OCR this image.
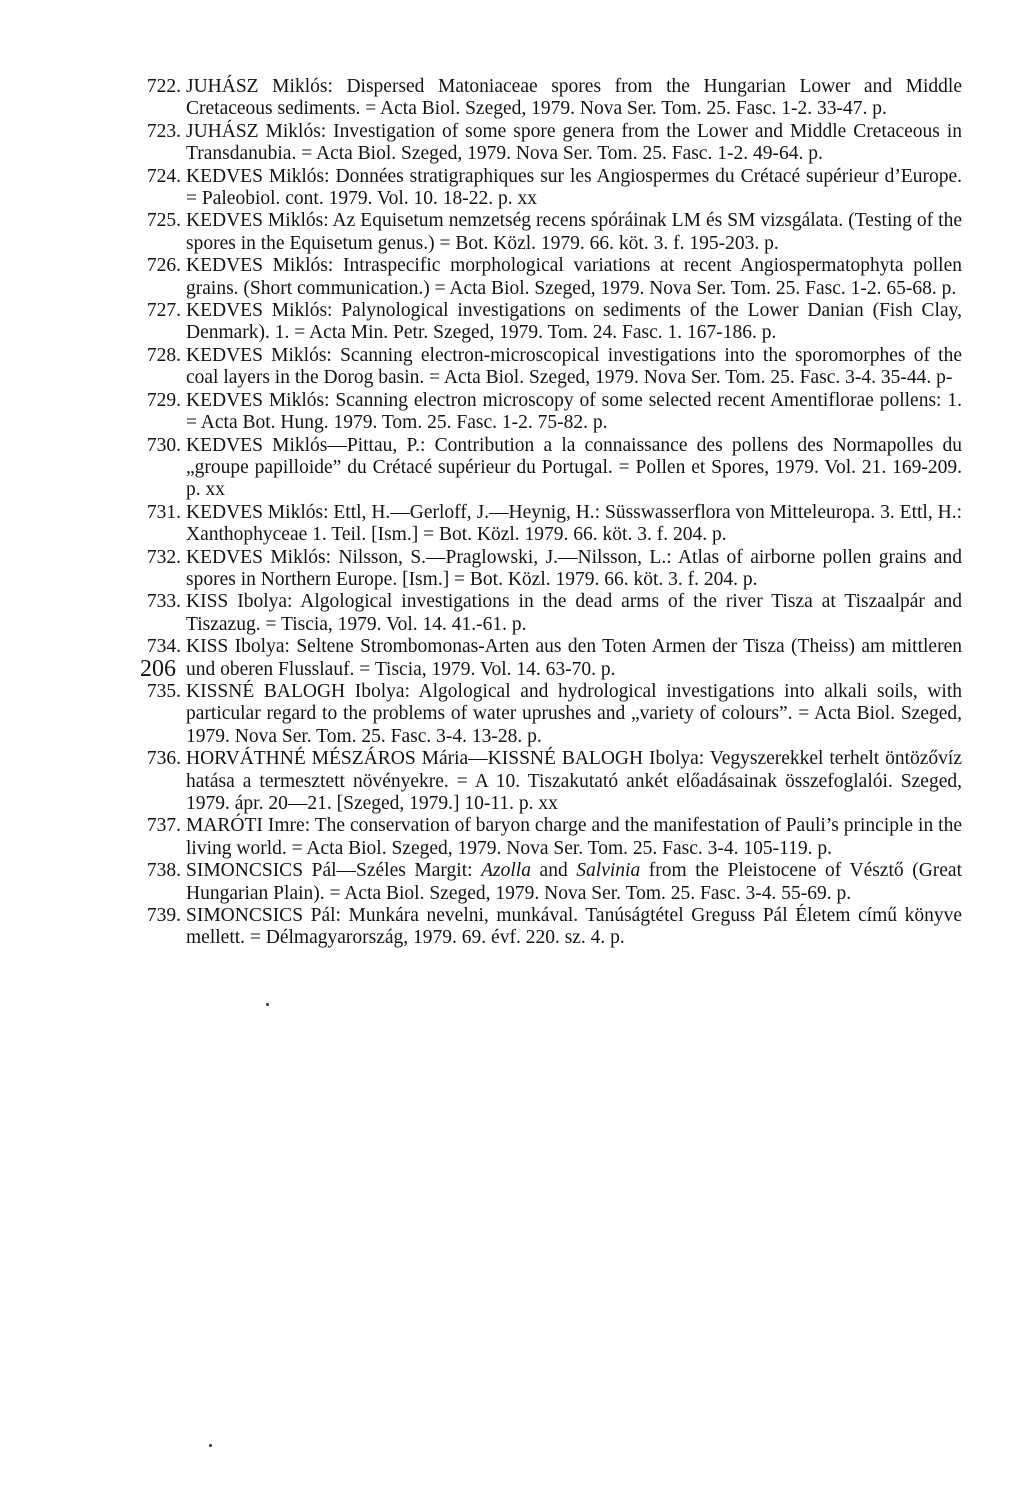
722. JUHÁSZ Miklós: Dispersed Matoniaceae spores from the Hungarian Lower and Middle Cretaceous sediments. = Acta Biol. Szeged, 1979. Nova Ser. Tom. 25. Fasc. 1-2. 33-47. p.
723. JUHÁSZ Miklós: Investigation of some spore genera from the Lower and Middle Cretaceous in Transdanubia. = Acta Biol. Szeged, 1979. Nova Ser. Tom. 25. Fasc. 1-2. 49-64. p.
724. KEDVES Miklós: Données stratigraphiques sur les Angiospermes du Crétacé supérieur d’Europe. = Paleobiol. cont. 1979. Vol. 10. 18-22. p. xx
725. KEDVES Miklós: Az Equisetum nemzetség recens spóráinak LM és SM vizsgálata. (Testing of the spores in the Equisetum genus.) = Bot. Közl. 1979. 66. köt. 3. f. 195-203. p.
726. KEDVES Miklós: Intraspecific morphological variations at recent Angiospermatophyta pollen grains. (Short communication.) = Acta Biol. Szeged, 1979. Nova Ser. Tom. 25. Fasc. 1-2. 65-68. p.
727. KEDVES Miklós: Palynological investigations on sediments of the Lower Danian (Fish Clay, Denmark). 1. = Acta Min. Petr. Szeged, 1979. Tom. 24. Fasc. 1. 167-186. p.
728. KEDVES Miklós: Scanning electron-microscopical investigations into the sporomorphes of the coal layers in the Dorog basin. = Acta Biol. Szeged, 1979. Nova Ser. Tom. 25. Fasc. 3-4. 35-44. p-
729. KEDVES Miklós: Scanning electron microscopy of some selected recent Amentiflorae pollens: 1. = Acta Bot. Hung. 1979. Tom. 25. Fasc. 1-2. 75-82. p.
730. KEDVES Miklós—Pittau, P.: Contribution a la connaissance des pollens des Normapolles du „groupe papilloide” du Crétacé supérieur du Portugal. = Pollen et Spores, 1979. Vol. 21. 169-209. p. xx
731. KEDVES Miklós: Ettl, H.—Gerloff, J.—Heynig, H.: Süsswasserflora von Mitteleuropa. 3. Ettl, H.: Xanthophyceae 1. Teil. [Ism.] = Bot. Közl. 1979. 66. köt. 3. f. 204. p.
732. KEDVES Miklós: Nilsson, S.—Praglowski, J.—Nilsson, L.: Atlas of airborne pollen grains and spores in Northern Europe. [Ism.] = Bot. Közl. 1979. 66. köt. 3. f. 204. p.
733. KISS Ibolya: Algological investigations in the dead arms of the river Tisza at Tiszaalpár and Tiszazug. = Tiscia, 1979. Vol. 14. 41.-61. p.
734. KISS Ibolya: Seltene Strombomonas-Arten aus den Toten Armen der Tisza (Theiss) am mittleren und oberen Flusslauf. = Tiscia, 1979. Vol. 14. 63-70. p.
735. KISSNÉ BALOGH Ibolya: Algological and hydrological investigations into alkali soils, with particular regard to the problems of water uprushes and „variety of colours”. = Acta Biol. Szeged, 1979. Nova Ser. Tom. 25. Fasc. 3-4. 13-28. p.
736. HORVÁTHNÉ MÉSZÁROS Mária—KISSNÉ BALOGH Ibolya: Vegyszerekkel terhelt öntözővíz hatása a termesztett növényekre. = A 10. Tiszakutató ankét előadásainak összefoglalói. Szeged, 1979. ápr. 20—21. [Szeged, 1979.] 10-11. p. xx
737. MARÓTI Imre: The conservation of baryon charge and the manifestation of Pauli’s principle in the living world. = Acta Biol. Szeged, 1979. Nova Ser. Tom. 25. Fasc. 3-4. 105-119. p.
738. SIMONCSICS Pál—Széles Margit: Azolla and Salvinia from the Pleistocene of Vésztő (Great Hungarian Plain). = Acta Biol. Szeged, 1979. Nova Ser. Tom. 25. Fasc. 3-4. 55-69. p.
739. SIMONCSICS Pál: Munkára nevelni, munkával. Tanúságtétel Greguss Pál Életem című könyve mellett. = Délmagyarország, 1979. 69. évf. 220. sz. 4. p.
206
